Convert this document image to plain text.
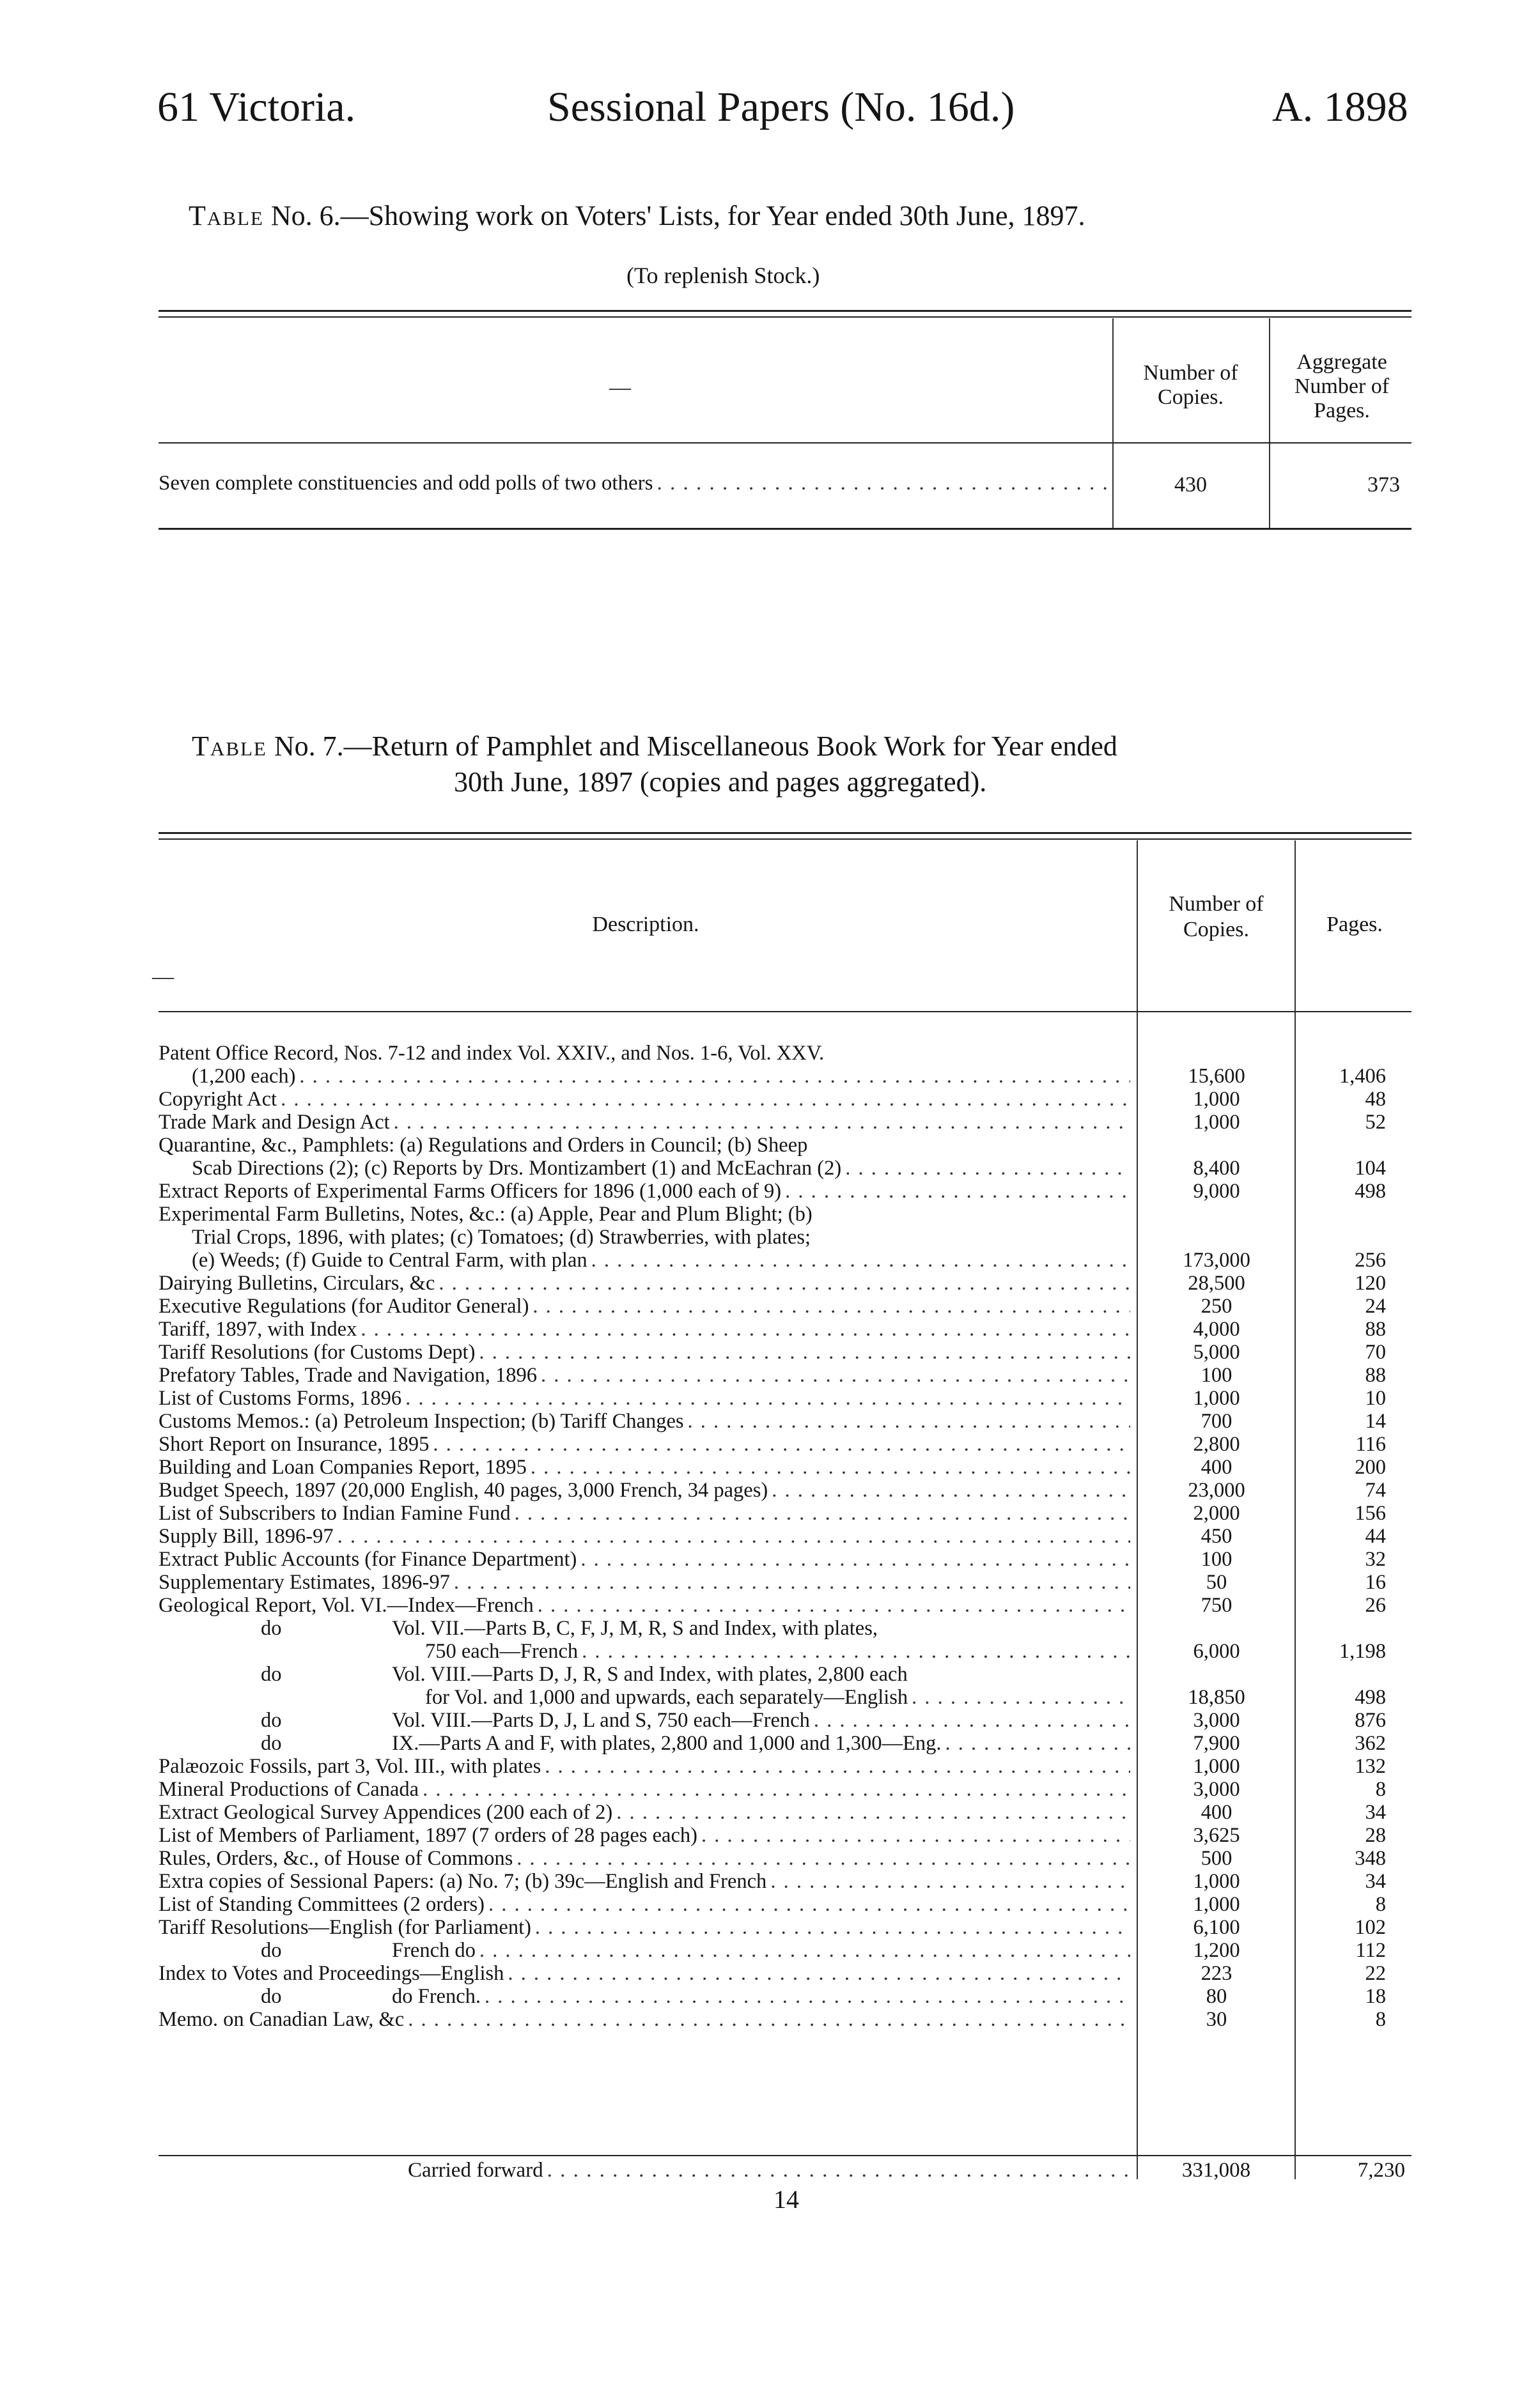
61 Victoria.	Sessional Papers (No. 16d.)	A. 1898
Table No. 6.—Showing work on Voters' Lists, for Year ended 30th June, 1897.
(To replenish Stock.)
—
Number of Copies.
Aggregate Number of Pages.
Seven complete constituencies and odd polls of two others . . .	430	373
Table No. 7.—Return of Pamphlet and Miscellaneous Book Work for Year ended
30th June, 1897 (copies and pages aggregated).
Description.
—
Number of Copies.	Pages.
Patent Office Record, Nos. 7-12 and index Vol. XXIV., and Nos. 1-6, Vol. XXV.
(1,200 each) . . .	15,600	1,406
Copyright Act . . .	1,000	48
Trade Mark and Design Act . . .	1,000	52
Quarantine, &c., Pamphlets: (a) Regulations and Orders in Council; (b) Sheep
Scab Directions (2); (c) Reports by Drs. Montizambert (1) and McEachran (2) . . .	8,400	104
Extract Reports of Experimental Farms Officers for 1896 (1,000 each of 9) . . .	9,000	498
Experimental Farm Bulletins, Notes, &c.: (a) Apple, Pear and Plum Blight; (b)
Trial Crops, 1896, with plates; (c) Tomatoes; (d) Strawberries, with plates;
(e) Weeds; (f) Guide to Central Farm, with plan . . .	173,000	256
Dairying Bulletins, Circulars, &c . . .	28,500	120
Executive Regulations (for Auditor General) . . .	250	24
Tariff, 1897, with Index . . .	4,000	88
Tariff Resolutions (for Customs Dept) . . .	5,000	70
Prefatory Tables, Trade and Navigation, 1896 . . .	100	88
List of Customs Forms, 1896 . . .	1,000	10
Customs Memos.: (a) Petroleum Inspection; (b) Tariff Changes . . .	700	14
Short Report on Insurance, 1895 . . .	2,800	116
Building and Loan Companies Report, 1895 . . .	400	200
Budget Speech, 1897 (20,000 English, 40 pages, 3,000 French, 34 pages) . . .	23,000	74
List of Subscribers to Indian Famine Fund . . .	2,000	156
Supply Bill, 1896-97 . . .	450	44
Extract Public Accounts (for Finance Department) . . .	100	32
Supplementary Estimates, 1896-97 . . .	50	16
Geological Report, Vol. VI.—Index—French . . .	750	26
do	Vol. VII.—Parts B, C, F, J, M, R, S and Index, with plates,
750 each—French . . .	6,000	1,198
do	Vol. VIII.—Parts D, J, R, S and Index, with plates, 2,800 each
for Vol. and 1,000 and upwards, each separately—English . . .	18,850	498
do	Vol. VIII.—Parts D, J, L and S, 750 each—French . . .	3,000	876
do	IX.—Parts A and F, with plates, 2,800 and 1,000 and 1,300—Eng. . . .	7,900	362
Palæozoic Fossils, part 3, Vol. III., with plates . . .	1,000	132
Mineral Productions of Canada . . .	3,000	8
Extract Geological Survey Appendices (200 each of 2) . . .	400	34
List of Members of Parliament, 1897 (7 orders of 28 pages each) . . .	3,625	28
Rules, Orders, &c., of House of Commons . . .	500	348
Extra copies of Sessional Papers: (a) No. 7; (b) 39c—English and French . . .	1,000	34
List of Standing Committees (2 orders) . . .	1,000	8
Tariff Resolutions—English (for Parliament) . . .	6,100	102
do	French do . . .	1,200	112
Index to Votes and Proceedings—English . . .	223	22
do	do French. . . .	80	18
Memo. on Canadian Law, &c . . .	30	8
Carried forward . . .	331,008	7,230
14
